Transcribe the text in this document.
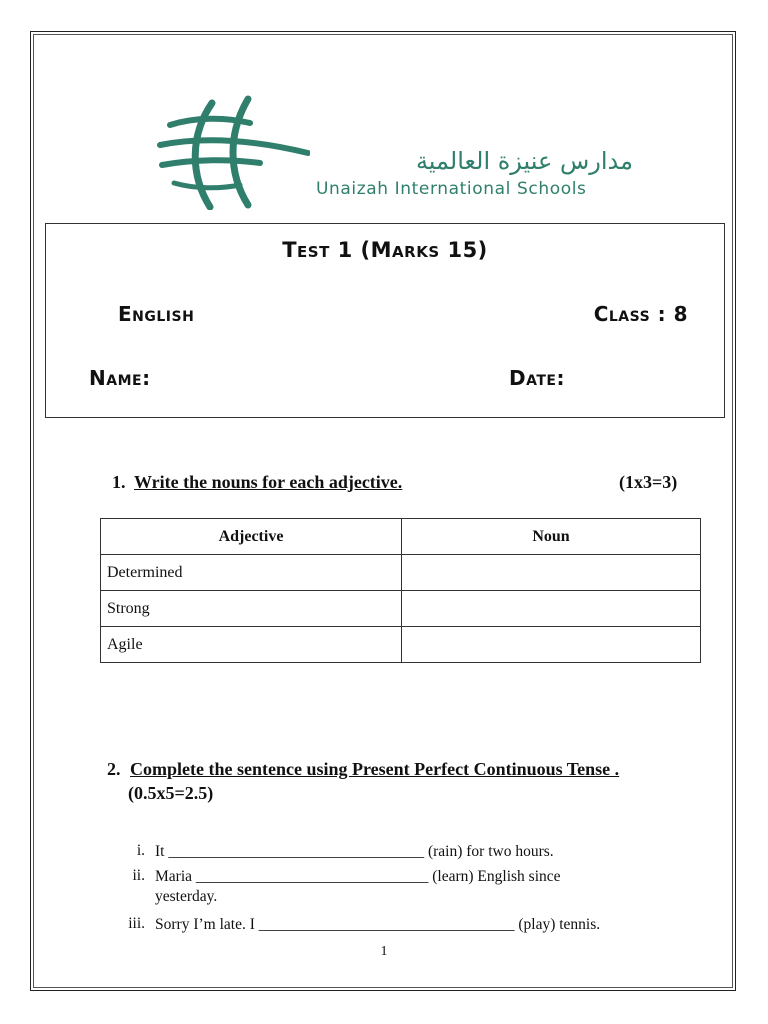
مدارس عنيزة العالمية
Unaizah International Schools
Test 1 (Marks 15)
English	Class : 8
Name:	Date:
1. Write the nouns for each adjective.	(1x3=3)
Adjective	Noun
Determined	
Strong	
Agile	
2. Complete the sentence using Present Perfect Continuous Tense .
(0.5x5=2.5)
i. It _________________________________ (rain) for two hours.
ii. Maria ______________________________ (learn) English since yesterday.
iii. Sorry I’m late. I _________________________________ (play) tennis.
1
